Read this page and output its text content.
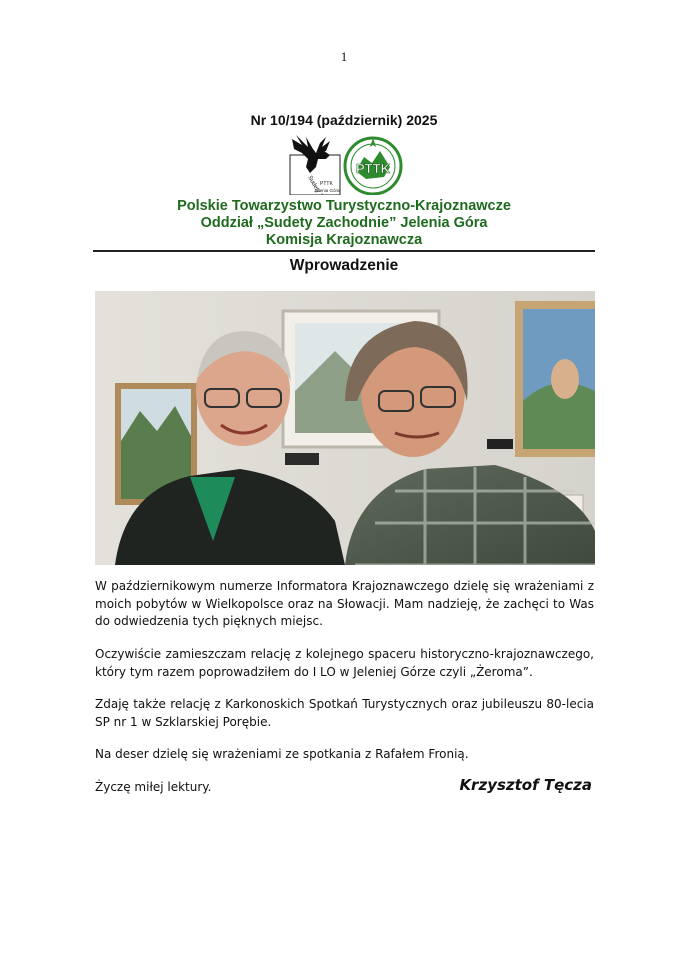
1
Nr 10/194 (październik) 2025
PTTK
Jelenia Góra
PTTK
Polskie Towarzystwo Turystyczno-Krajoznawcze
Oddział „Sudety Zachodnie” Jelenia Góra
Komisja Krajoznawcza
Wprowadzenie
W październikowym numerze Informatora Krajoznawczego dzielę się wrażeniami z moich pobytów w Wielkopolsce oraz na Słowacji. Mam nadzieję, że zachęci to Was do odwiedzenia tych pięknych miejsc.
Oczywiście zamieszczam relację z kolejnego spaceru historyczno-krajoznawczego, który tym razem poprowadziłem do I LO w Jeleniej Górze czyli „Żeroma”.
Zdaję także relację z Karkonoskich Spotkań Turystycznych oraz jubileuszu 80-lecia SP nr 1 w Szklarskiej Porębie.
Na deser dzielę się wrażeniami ze spotkania z Rafałem Fronią.
Życzę miłej lektury.	Krzysztof Tęcza
